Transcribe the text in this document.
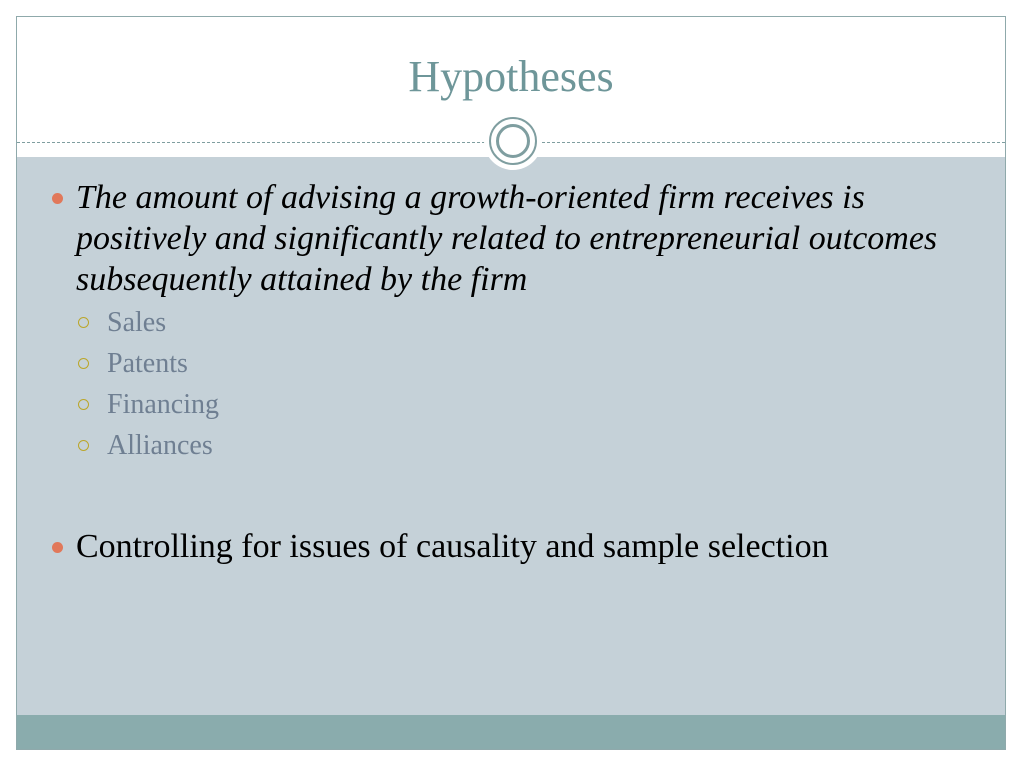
Hypotheses
The amount of advising a growth-oriented firm receives is positively and significantly related to entrepreneurial outcomes subsequently attained by the firm
Sales
Patents
Financing
Alliances
Controlling for issues of causality and sample selection
